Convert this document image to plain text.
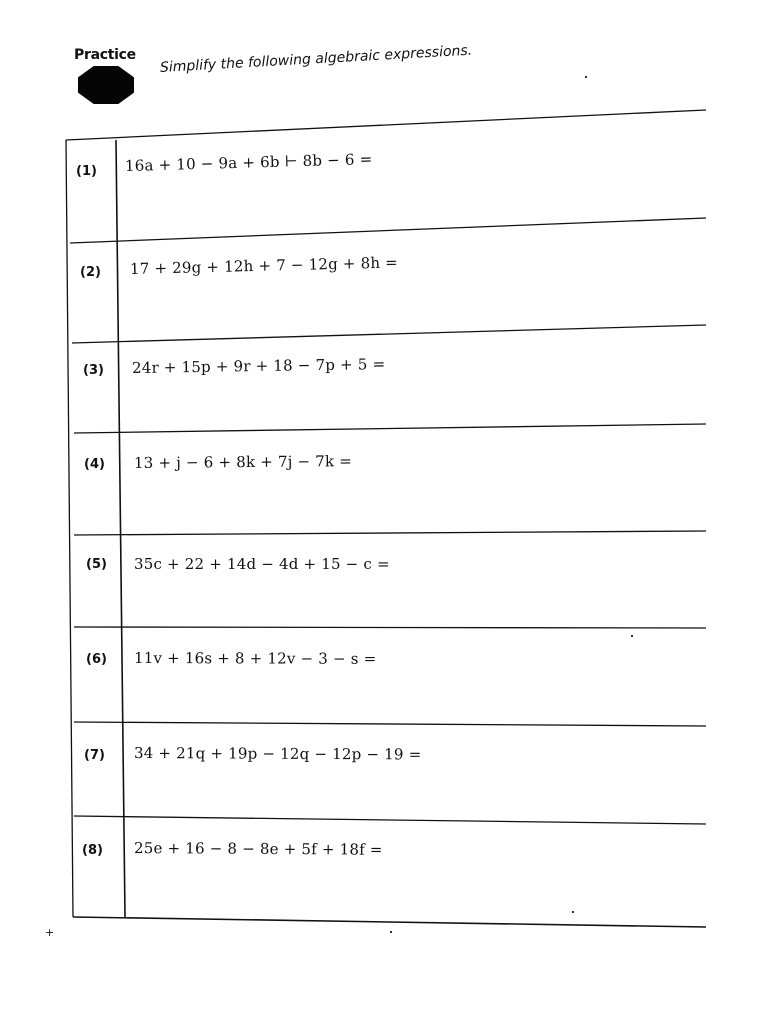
Practice Simplify the following algebraic expressions.
(1) 16a + 10 − 9a + 6b ⊢ 8b − 6 =
(2) 17 + 29g + 12h + 7 − 12g + 8h =
(3) 24r + 15p + 9r + 18 − 7p + 5 =
(4) 13 + j − 6 + 8k + 7j − 7k =
(5) 35c + 22 + 14d − 4d + 15 − c =
(6) 11v + 16s + 8 + 12v − 3 − s =
(7) 34 + 21q + 19p − 12q − 12p − 19 =
(8) 25e + 16 − 8 − 8e + 5f + 18f =
+
